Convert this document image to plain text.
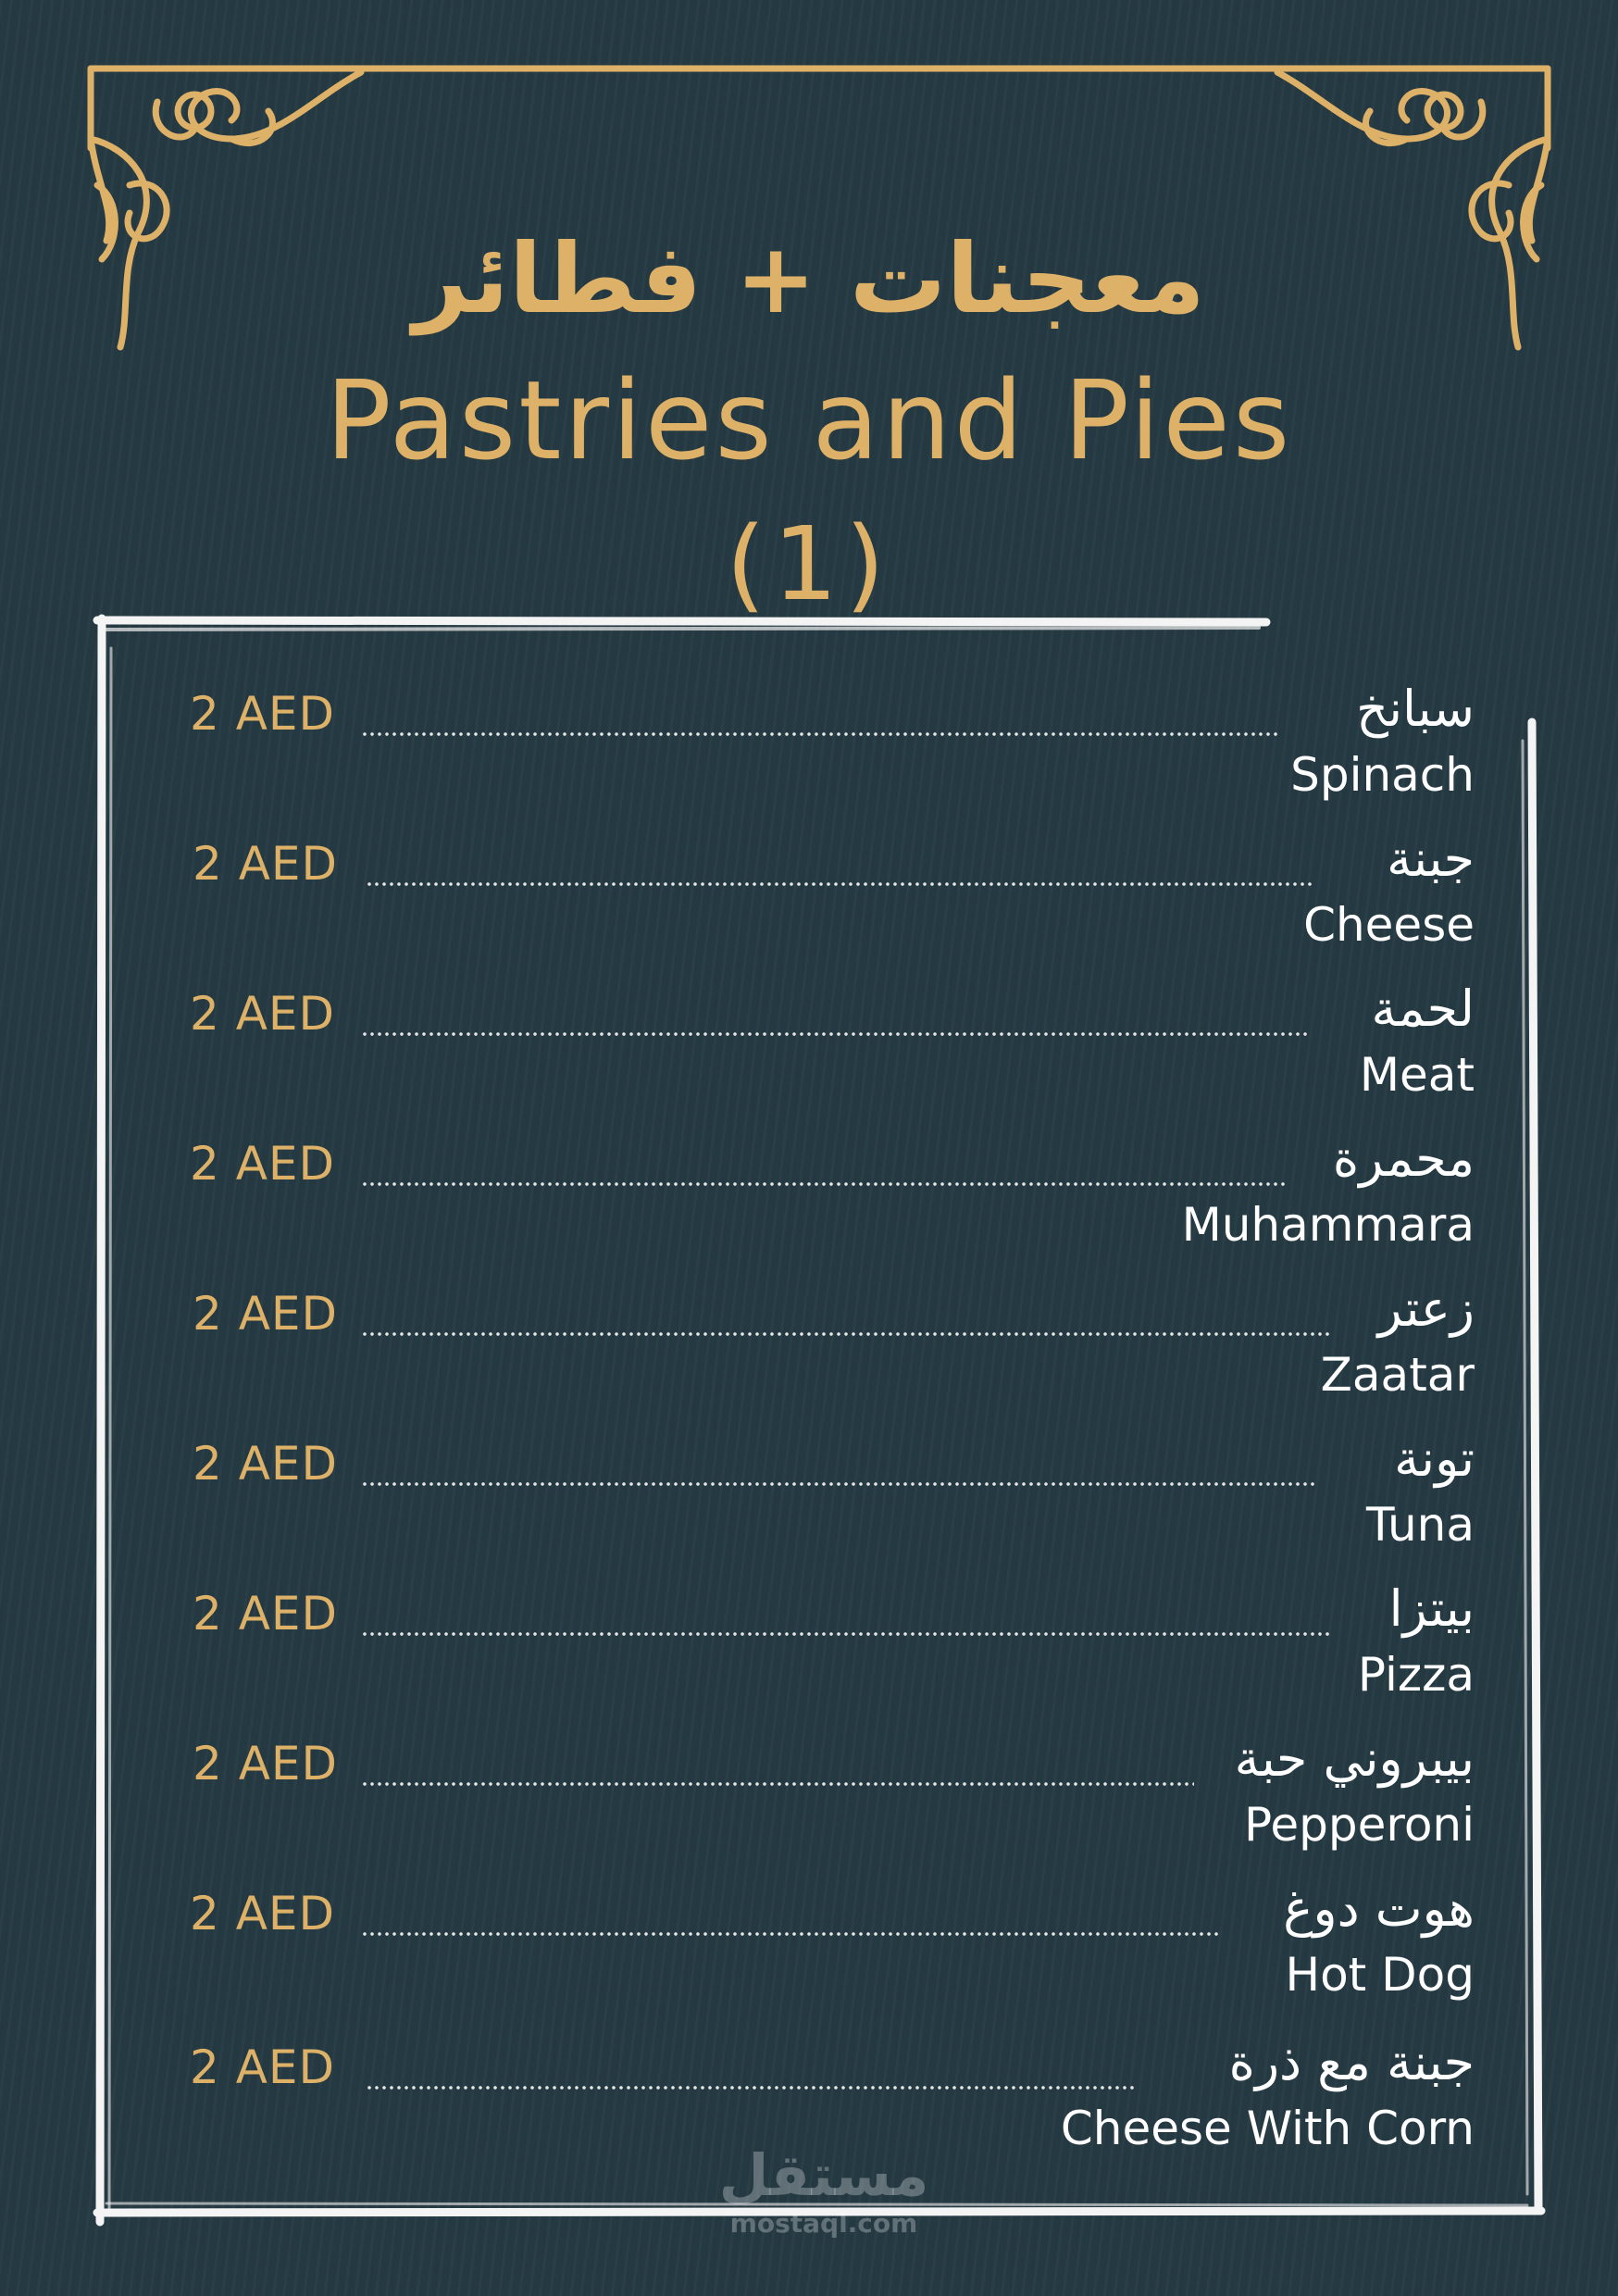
معجنات + فطائر
Pastries and Pies
(1)
2 AED	سبانخ
Spinach
2 AED	جبنة
Cheese
2 AED	لحمة
Meat
2 AED	محمرة
Muhammara
2 AED	زعتر
Zaatar
2 AED	تونة
Tuna
2 AED	بيتزا
Pizza
2 AED	بيبروني حبة
Pepperoni
2 AED	هوت دوغ
Hot Dog
2 AED	جبنة مع ذرة
Cheese With Corn
مستقل
mostaql.com
